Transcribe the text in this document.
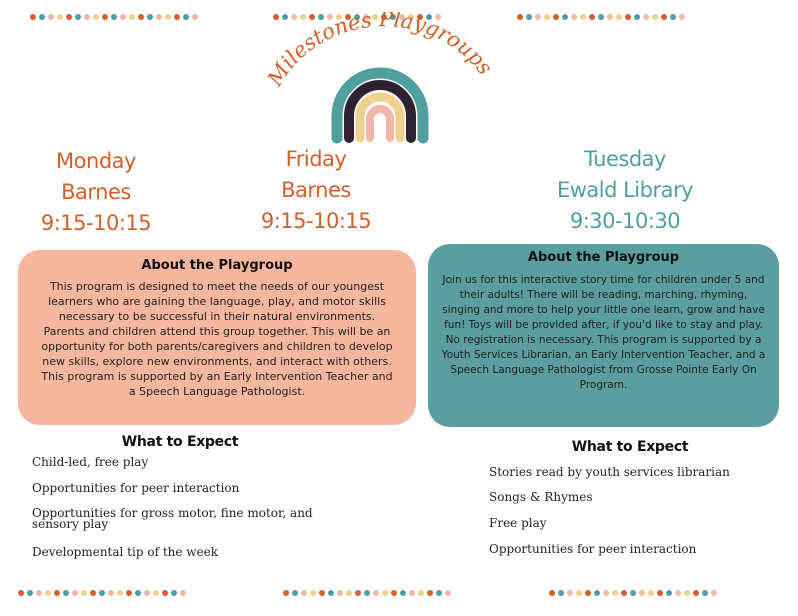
Milestones Playgroups
Monday
Barnes
9:15-10:15
Friday
Barnes
9:15-10:15
Tuesday
Ewald Library
9:30-10:30
About the Playgroup

This program is designed to meet the needs of our youngest learners who are gaining the language, play, and motor skills necessary to be successful in their natural environments. Parents and children attend this group together. This will be an opportunity for both parents/caregivers and children to develop new skills, explore new environments, and interact with others. This program is supported by an Early Intervention Teacher and a Speech Language Pathologist.

About the Playgroup

Join us for this interactive story time for children under 5 and their adults! There will be reading, marching, rhyming, singing and more to help your little one learn, grow and have fun! Toys will be provided after, if you'd like to stay and play. No registration is necessary. This program is supported by a Youth Services Librarian, an Early Intervention Teacher, and a Speech Language Pathologist from Grosse Pointe Early On Program.

What to Expect
Child-led, free play
Opportunities for peer interaction
Opportunities for gross motor, fine motor, and sensory play
Developmental tip of the week
What to Expect
Stories read by youth services librarian
Songs & Rhymes
Free play
Opportunities for peer interaction
